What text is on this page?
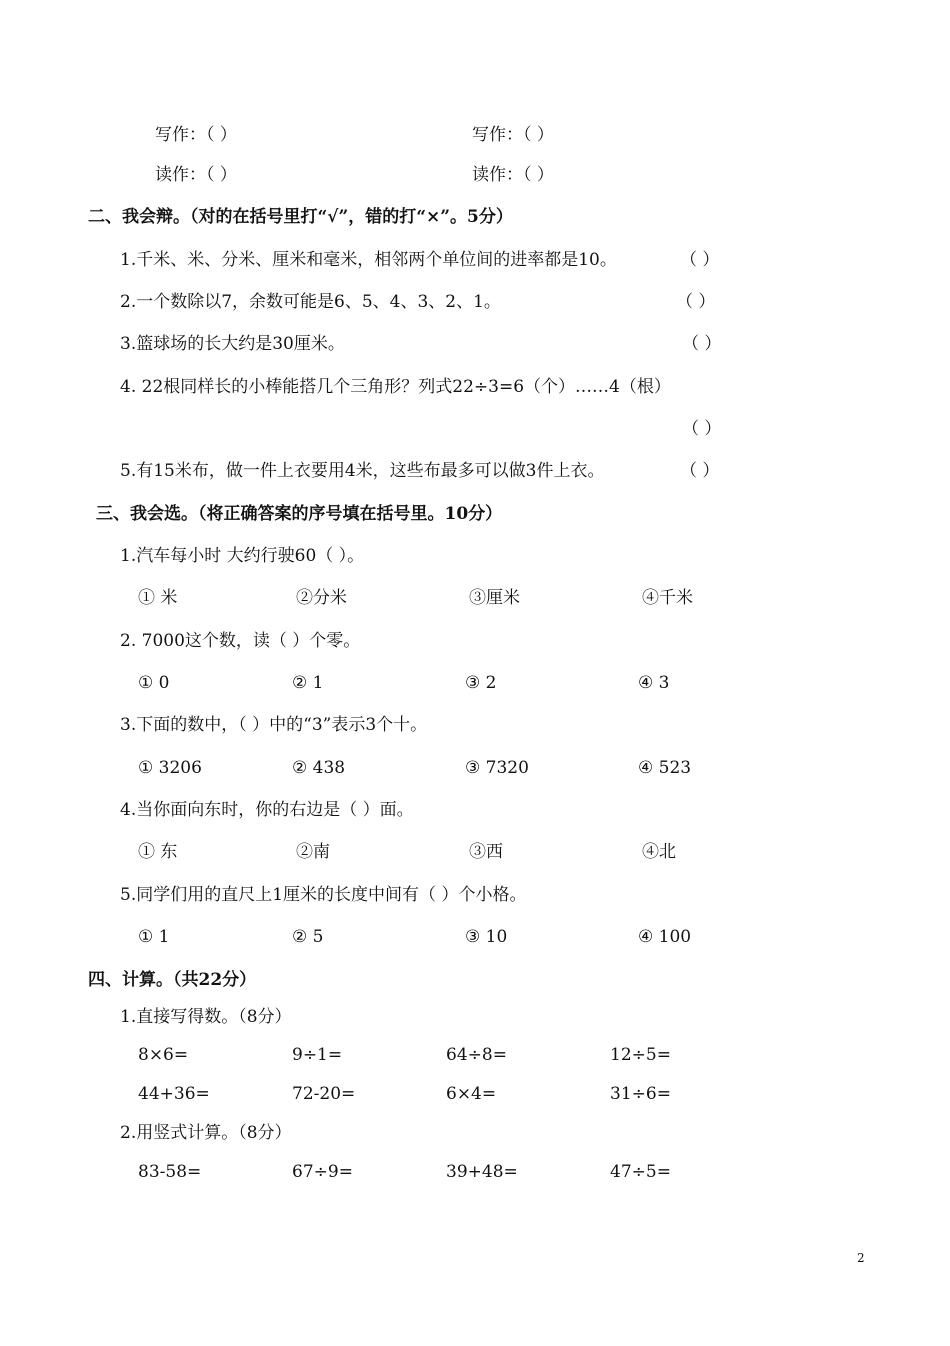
写作：（ ）	写作：（ ）
读作：（ ）	读作：（ ）
二、我会辩。（对的在括号里打“√”，错的打“×”。5分）
1.千米、米、分米、厘米和毫米，相邻两个单位间的进率都是10。	（ ）
2.一个数除以7，余数可能是6、5、4、3、2、1。	（ ）
3.篮球场的长大约是30厘米。	（ ）
4. 22根同样长的小棒能搭几个三角形？列式22÷3=6（个）……4（根）
（ ）
5.有15米布，做一件上衣要用4米，这些布最多可以做3件上衣。	（ ）
三、我会选。（将正确答案的序号填在括号里。10分）
1.汽车每小时 大约行驶60（ ）。
① 米	②分米	③厘米	④千米
2. 7000这个数，读（ ）个零。
① 0	② 1	③ 2	④ 3
3.下面的数中，（ ）中的“3”表示3个十。
① 3206	② 438	③ 7320	④ 523
4.当你面向东时，你的右边是（ ）面。
① 东	②南	③西	④北
5.同学们用的直尺上1厘米的长度中间有（ ）个小格。
① 1	② 5	③ 10	④ 100
四、计算。（共22分）
1.直接写得数。（8分）
8×6=	9÷1=	64÷8=	12÷5=
44+36=	72-20=	6×4=	31÷6=
2.用竖式计算。（8分）
83-58=	67÷9=	39+48=	47÷5=
2
